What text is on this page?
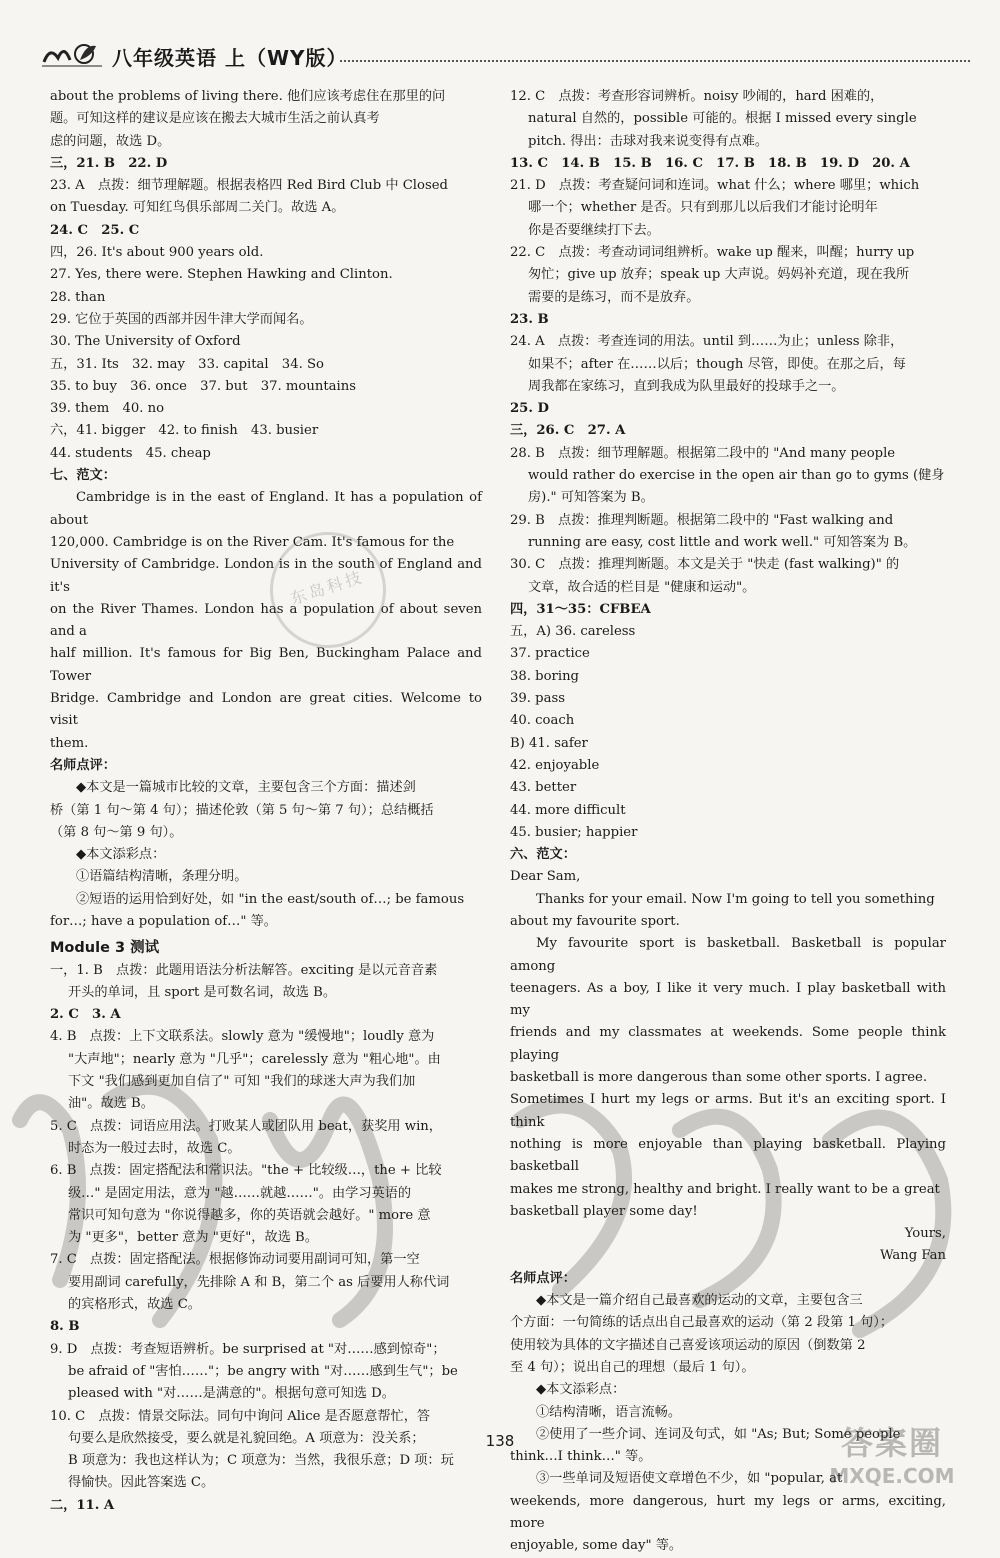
八年级英语 上（WY版）

about the problems of living there. 他们应该考虑住在那里的问

题。可知这样的建议是应该在搬去大城市生活之前认真考

虑的问题，故选 D。

三，21. B　22. D

23. A　点拨：细节理解题。根据表格四 Red Bird Club 中 Closed

on Tuesday. 可知红鸟俱乐部周二关门。故选 A。

24. C　25. C

四，26. It's about 900 years old.

27. Yes, there were. Stephen Hawking and Clinton.

28. than

29. 它位于英国的西部并因牛津大学而闻名。

30. The University of Oxford

五，31. Its　32. may　33. capital　34. So

35. to buy　36. once　37. but　37. mountains

39. them　40. no

六，41. bigger　42. to finish　43. busier

44. students　45. cheap

七、范文：

Cambridge is in the east of England. It has a population of about

120,000. Cambridge is on the River Cam. It's famous for the

University of Cambridge. London is in the south of England and it's

on the River Thames. London has a population of about seven and a

half million. It's famous for Big Ben, Buckingham Palace and Tower

Bridge. Cambridge and London are great cities. Welcome to visit

them.

名师点评：

◆本文是一篇城市比较的文章，主要包含三个方面：描述剑

桥（第 1 句～第 4 句）；描述伦敦（第 5 句～第 7 句）；总结概括

（第 8 句～第 9 句）。

◆本文添彩点：

①语篇结构清晰，条理分明。

②短语的运用恰到好处，如 "in the east/south of…; be famous

for…; have a population of…" 等。

Module 3 测试

一，1. B　点拨：此题用语法分析法解答。exciting 是以元音音素

开头的单词，且 sport 是可数名词，故选 B。

2. C　3. A

4. B　点拨：上下文联系法。slowly 意为 "缓慢地"；loudly 意为

"大声地"；nearly 意为 "几乎"；carelessly 意为 "粗心地"。由

下文 "我们感到更加自信了" 可知 "我们的球迷大声为我们加

油"。故选 B。

5. C　点拨：词语应用法。打败某人或团队用 beat，获奖用 win，

时态为一般过去时，故选 C。

6. B　点拨：固定搭配法和常识法。"the + 比较级…，the + 比较

级…" 是固定用法，意为 "越……就越……"。由学习英语的

常识可知句意为 "你说得越多，你的英语就会越好。" more 意

为 "更多"，better 意为 "更好"，故选 B。

7. C　点拨：固定搭配法。根据修饰动词要用副词可知，第一空

要用副词 carefully，先排除 A 和 B，第二个 as 后要用人称代词

的宾格形式，故选 C。

8. B

9. D　点拨：考查短语辨析。be surprised at "对……感到惊奇"；

be afraid of "害怕……"；be angry with "对……感到生气"；be

pleased with "对……是满意的"。根据句意可知选 D。

10. C　点拨：情景交际法。同句中询问 Alice 是否愿意帮忙，答

句要么是欣然接受，要么就是礼貌回绝。A 项意为：没关系；

B 项意为：我也这样认为；C 项意为：当然，我很乐意；D 项：玩

得愉快。因此答案选 C。

二，11. A

12. C　点拨：考查形容词辨析。noisy 吵闹的，hard 困难的，

natural 自然的，possible 可能的。根据 I missed every single

pitch. 得出：击球对我来说变得有点难。

13. C　14. B　15. B　16. C　17. B　18. B　19. D　20. A

21. D　点拨：考查疑问词和连词。what 什么；where 哪里；which

哪一个；whether 是否。只有到那儿以后我们才能讨论明年

你是否要继续打下去。

22. C　点拨：考查动词词组辨析。wake up 醒来，叫醒；hurry up

匆忙；give up 放弃；speak up 大声说。妈妈补充道，现在我所

需要的是练习，而不是放弃。

23. B

24. A　点拨：考查连词的用法。until 到……为止；unless 除非，

如果不；after 在……以后；though 尽管，即使。在那之后，每

周我都在家练习，直到我成为队里最好的投球手之一。

25. D

三，26. C　27. A

28. B　点拨：细节理解题。根据第二段中的 "And many people

would rather do exercise in the open air than go to gyms (健身

房)." 可知答案为 B。

29. B　点拨：推理判断题。根据第二段中的 "Fast walking and

running are easy, cost little and work well." 可知答案为 B。

30. C　点拨：推理判断题。本文是关于 "快走 (fast walking)" 的

文章，故合适的栏目是 "健康和运动"。

四，31～35：CFBEA

五，A) 36. careless

37. practice

38. boring

39. pass

40. coach

B) 41. safer

42. enjoyable

43. better

44. more difficult

45. busier; happier

六、范文：

Dear Sam,

Thanks for your email. Now I'm going to tell you something

about my favourite sport.

My favourite sport is basketball. Basketball is popular among

teenagers. As a boy, I like it very much. I play basketball with my

friends and my classmates at weekends. Some people think playing

basketball is more dangerous than some other sports. I agree.

Sometimes I hurt my legs or arms. But it's an exciting sport. I think

nothing is more enjoyable than playing basketball. Playing basketball

makes me strong, healthy and bright. I really want to be a great

basketball player some day!

Yours,

Wang Fan

名师点评：

◆本文是一篇介绍自己最喜欢的运动的文章，主要包含三

个方面：一句简练的话点出自己最喜欢的运动（第 2 段第 1 句）；

使用较为具体的文字描述自己喜爱该项运动的原因（倒数第 2

至 4 句）；说出自己的理想（最后 1 句）。

◆本文添彩点：

①结构清晰，语言流畅。

②使用了一些介词、连词及句式，如 "As; But; Some people

think…I think…" 等。

③一些单词及短语使文章增色不少，如 "popular, at

weekends, more dangerous, hurt my legs or arms, exciting, more

enjoyable, some day" 等。

东岛科技
答案圈
MXQE.COM
138
